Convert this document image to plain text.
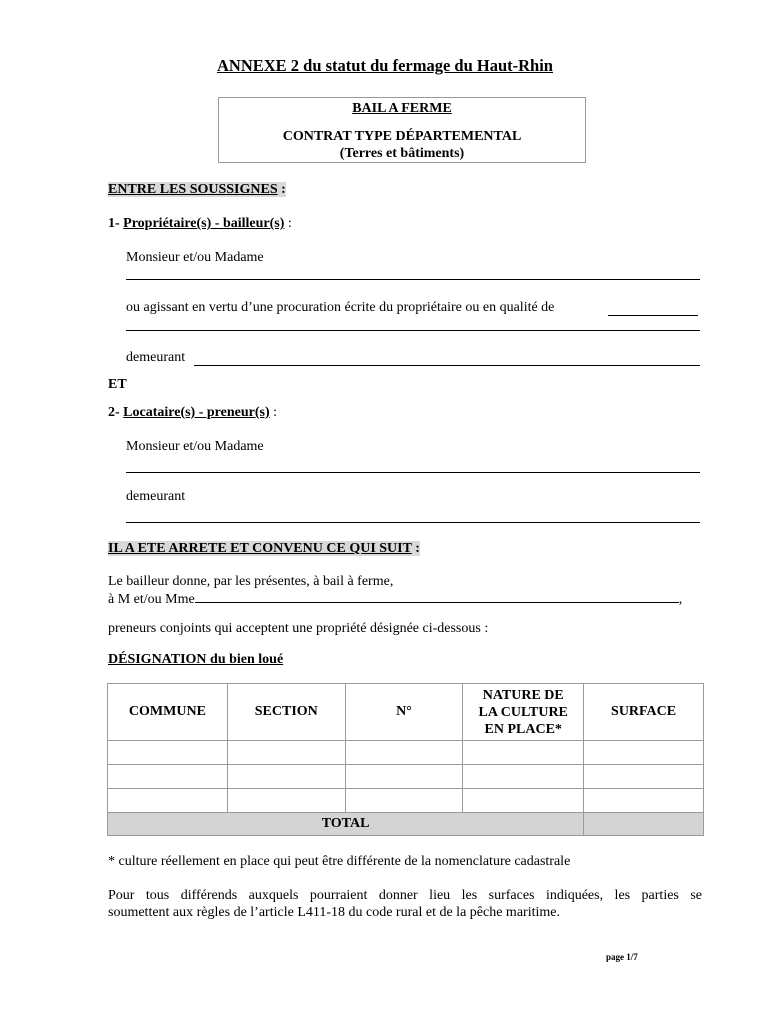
ANNEXE 2 du statut du fermage du Haut-Rhin
BAIL A FERME
CONTRAT TYPE DÉPARTEMENTAL
(Terres et bâtiments)
ENTRE LES SOUSSIGNES :
1- Propriétaire(s) - bailleur(s) :
Monsieur et/ou Madame
ou agissant en vertu d’une procuration écrite du propriétaire ou en qualité de
demeurant
ET
2- Locataire(s) - preneur(s) :
Monsieur et/ou Madame
demeurant
IL A ETE ARRETE ET CONVENU CE QUI SUIT :
Le bailleur donne, par les présentes, à bail à ferme,
à M et/ou Mme	,
preneurs conjoints qui acceptent une propriété désignée ci-dessous :
DÉSIGNATION du bien loué
COMMUNE	SECTION	N°	NATURE DE
LA CULTURE
EN PLACE*	SURFACE

TOTAL				
* culture réellement en place qui peut être différente de la nomenclature cadastrale
Pour tous différends auxquels pourraient donner lieu les surfaces indiquées, les parties se
soumettent aux règles de l’article L411-18 du code rural et de la pêche maritime.
page 1/7
